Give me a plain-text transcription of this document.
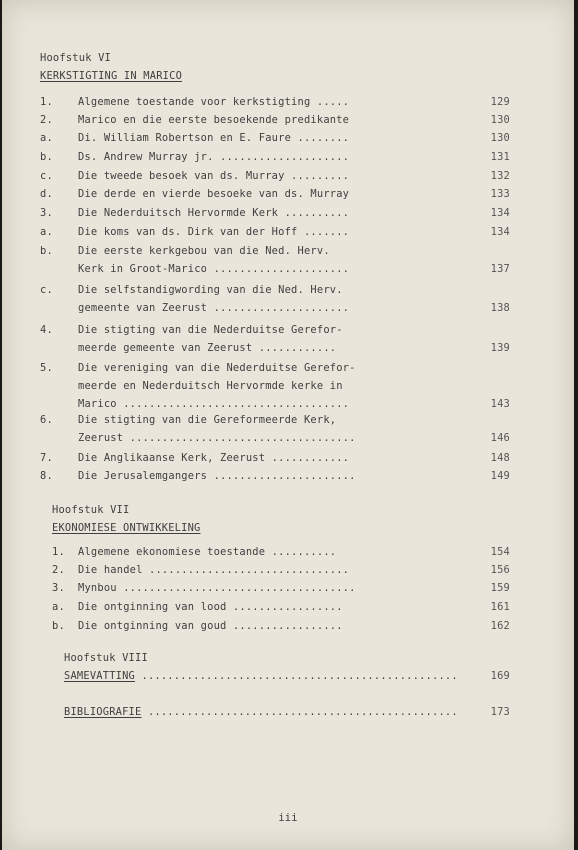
Hoofstuk VI
KERKSTIGTING IN MARICO
1.	Algemene toestande voor kerkstigting .....	129
2.	Marico en die eerste besoekende predikante	130
a.	Di. William Robertson en E. Faure ........	130
b.	Ds. Andrew Murray jr. ....................	131
c.	Die tweede besoek van ds. Murray .........	132
d.	Die derde en vierde besoeke van ds. Murray	133
3.	Die Nederduitsch Hervormde Kerk ..........	134
a.	Die koms van ds. Dirk van der Hoff .......	134
b.	Die eerste kerkgebou van die Ned. Herv.
Kerk in Groot-Marico .....................	137
c.	Die selfstandigwording van die Ned. Herv.
gemeente van Zeerust .....................	138
4.	Die stigting van die Nederduitse Gerefor-
meerde gemeente van Zeerust ............	139
5.	Die vereniging van die Nederduitse Gerefor-
meerde en Nederduitsch Hervormde kerke in
Marico ...................................	143
6.	Die stigting van die Gereformeerde Kerk,
Zeerust ...................................	146
7.	Die Anglikaanse Kerk, Zeerust ............	148
8.	Die Jerusalemgangers ......................	149
Hoofstuk VII
EKONOMIESE ONTWIKKELING
1.	Algemene ekonomiese toestande ..........	154
2.	Die handel ...............................	156
3.	Mynbou ....................................	159
a.	Die ontginning van lood .................	161
b.	Die ontginning van goud .................	162
Hoofstuk VIII
SAMEVATTING .................................................	169
BIBLIOGRAFIE ................................................	173
iii
